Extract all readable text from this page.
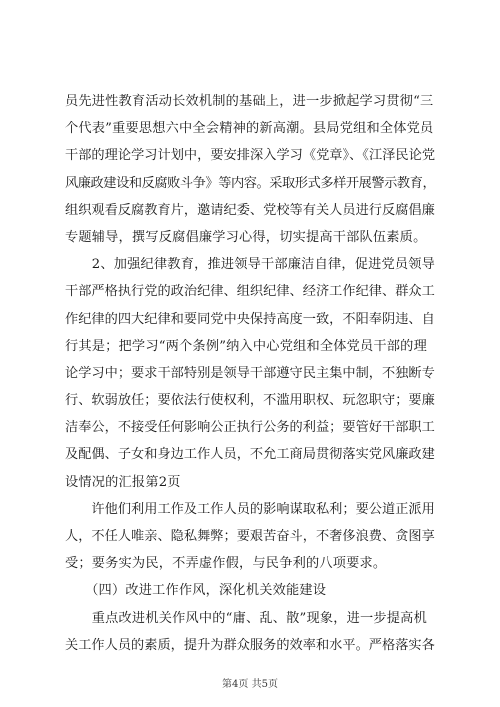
员先进性教育活动长效机制的基础上，进一步掀起学习贯彻“三
个代表”重要思想六中全会精神的新高潮。县局党组和全体党员
干部的理论学习计划中，要安排深入学习《党章》、《江泽民论党
风廉政建设和反腐败斗争》等内容。采取形式多样开展警示教育，
组织观看反腐教育片，邀请纪委、党校等有关人员进行反腐倡廉
专题辅导，撰写反腐倡廉学习心得，切实提高干部队伍素质。
　　2、加强纪律教育，推进领导干部廉洁自律，促进党员领导
干部严格执行党的政治纪律、组织纪律、经济工作纪律、群众工
作纪律的四大纪律和要同党中央保持高度一致，不阳奉阴违、自
行其是；把学习“两个条例”纳入中心党组和全体党员干部的理
论学习中；要求干部特别是领导干部遵守民主集中制，不独断专
行、软弱放任；要依法行使权利，不滥用职权、玩忽职守；要廉
洁奉公，不接受任何影响公正执行公务的利益；要管好干部职工
及配偶、子女和身边工作人员，不允工商局贯彻落实党风廉政建
设情况的汇报第2页
　　许他们利用工作及工作人员的影响谋取私利；要公道正派用
人，不任人唯亲、隐私舞弊；要艰苦奋斗，不奢侈浪费、贪图享
受；要务实为民，不弄虚作假，与民争利的八项要求。
　　（四）改进工作作风，深化机关效能建设
　　重点改进机关作风中的“庸、乱、散”现象，进一步提高机
关工作人员的素质，提升为群众服务的效率和水平。严格落实各
第4页 共5页
